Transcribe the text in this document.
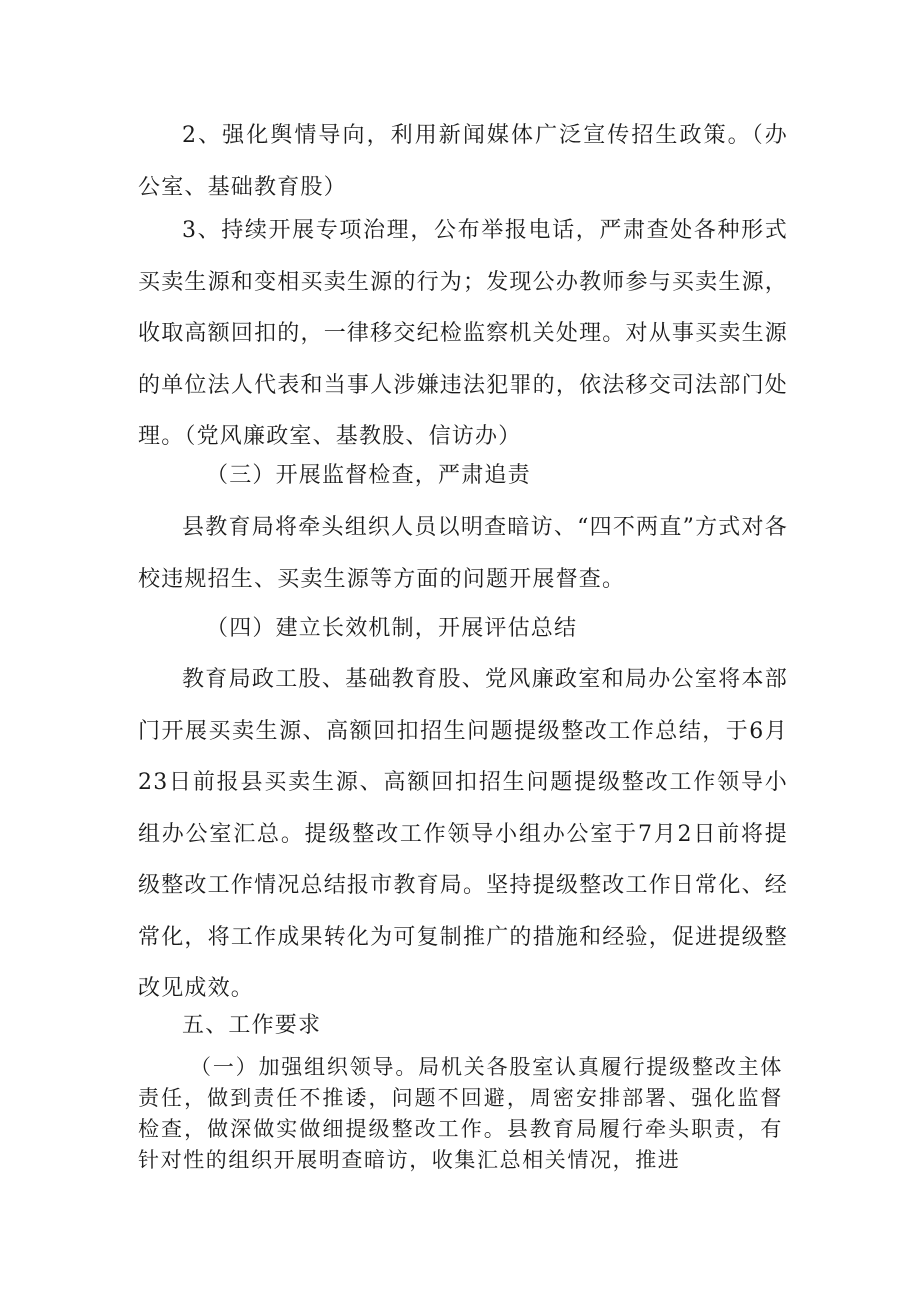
2、强化舆情导向，利用新闻媒体广泛宣传招生政策。（办公室、基础教育股）

3、持续开展专项治理，公布举报电话，严肃查处各种形式买卖生源和变相买卖生源的行为；发现公办教师参与买卖生源，收取高额回扣的，一律移交纪检监察机关处理。对从事买卖生源的单位法人代表和当事人涉嫌违法犯罪的，依法移交司法部门处理。（党风廉政室、基教股、信访办）

（三）开展监督检查，严肃追责

县教育局将牵头组织人员以明查暗访、“四不两直”方式对各校违规招生、买卖生源等方面的问题开展督查。

（四）建立长效机制，开展评估总结

教育局政工股、基础教育股、党风廉政室和局办公室将本部门开展买卖生源、高额回扣招生问题提级整改工作总结，于6月23日前报县买卖生源、高额回扣招生问题提级整改工作领导小组办公室汇总。提级整改工作领导小组办公室于7月2日前将提级整改工作情况总结报市教育局。坚持提级整改工作日常化、经常化，将工作成果转化为可复制推广的措施和经验，促进提级整改见成效。

五、工作要求

（一）加强组织领导。局机关各股室认真履行提级整改主体责任，做到责任不推诿，问题不回避，周密安排部署、强化监督检查，做深做实做细提级整改工作。县教育局履行牵头职责，有针对性的组织开展明查暗访，收集汇总相关情况，推进
